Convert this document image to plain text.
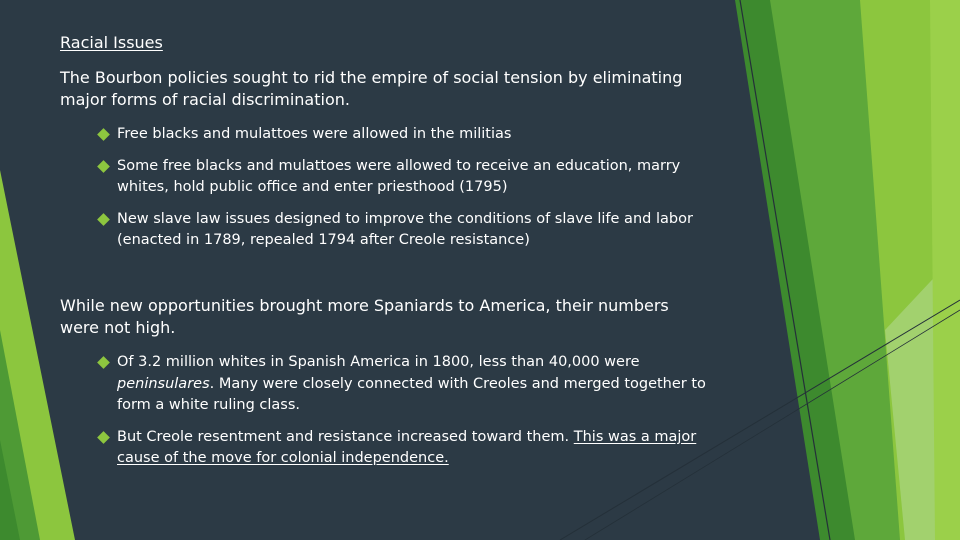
Racial Issues
The Bourbon policies sought to rid the empire of social tension by eliminating major forms of racial discrimination.
Free blacks and mulattoes were allowed in the militias
Some free blacks and mulattoes were allowed to receive an education, marry whites, hold public office and enter priesthood (1795)
New slave law issues designed to improve the conditions of slave life and labor (enacted in 1789, repealed 1794 after Creole resistance)
While new opportunities brought more Spaniards to America, their numbers were not high.
Of 3.2 million whites in Spanish America in 1800, less than 40,000 were peninsulares. Many were closely connected with Creoles and merged together to form a white ruling class.
But Creole resentment and resistance increased toward them. This was a major cause of the move for colonial independence.
